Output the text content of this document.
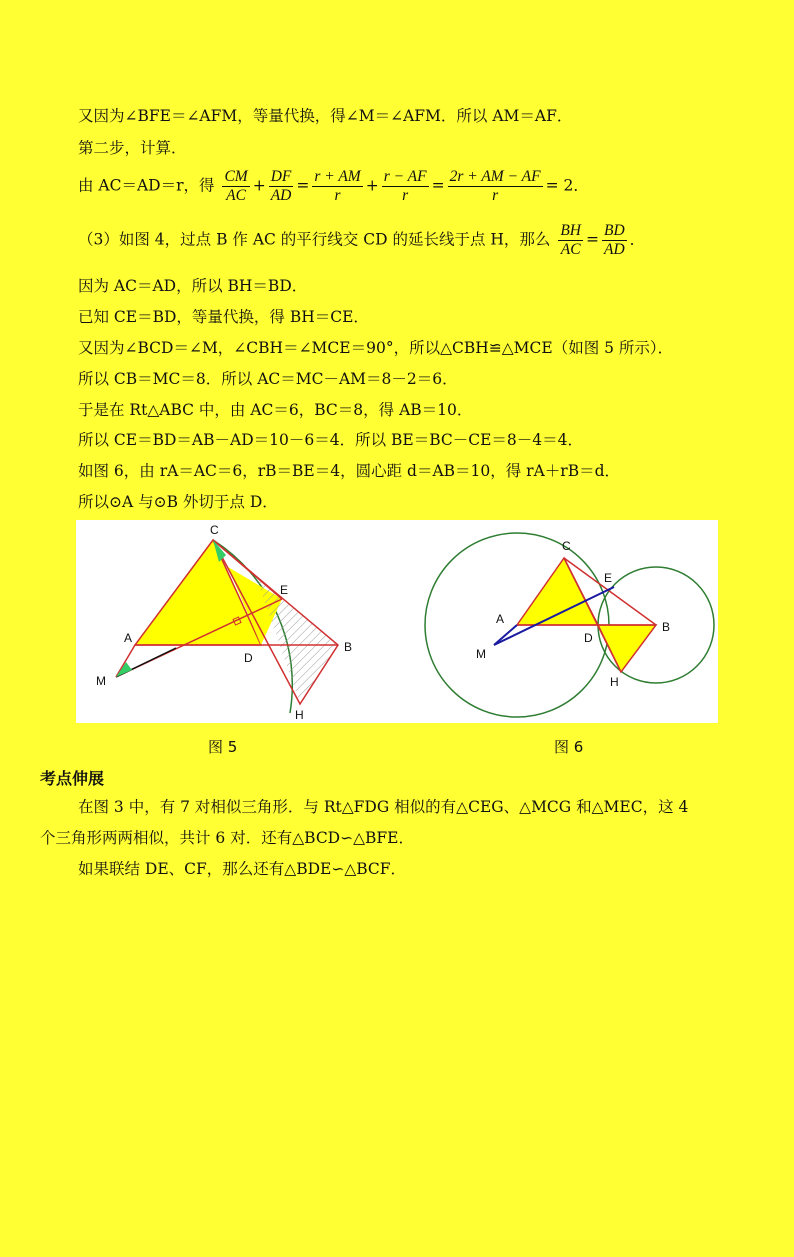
又因为∠BFE＝∠AFM，等量代换，得∠M＝∠AFM．所以 AM＝AF．
第二步，计算．
由 AC＝AD＝r，得 $\frac{CM}{AC} + \frac{DF}{AD} = \frac{r + AM}{r} + \frac{r - AF}{r} = \frac{2r + AM - AF}{r} = 2$．
（3）如图 4，过点 B 作 AC 的平行线交 CD 的延长线于点 H，那么 $\frac{BH}{AC} = \frac{BD}{AD}$ ．
因为 AC＝AD，所以 BH＝BD．
已知 CE＝BD，等量代换，得 BH＝CE．
又因为∠BCD＝∠M，∠CBH＝∠MCE＝90°，所以△CBH≌△MCE（如图 5 所示）．
所以 CB＝MC＝8．所以 AC＝MC－AM＝8－2＝6．
于是在 Rt△ABC 中，由 AC＝6，BC＝8，得 AB＝10．
所以 CE＝BD＝AB－AD＝10－6＝4．所以 BE＝BC－CE＝8－4＝4．
如图 6，由 rA＝AC＝6，rB＝BE＝4，圆心距 d＝AB＝10，得 rA＋rB＝d．
所以⊙A 与⊙B 外切于点 D．
C
E
A
D
B
M
H
C
E
A
D
B
M
H
图 5	图 6
考点伸展
在图 3 中，有 7 对相似三角形．与 Rt△FDG 相似的有△CEG、△MCG 和△MEC，这 4
个三角形两两相似，共计 6 对．还有△BCD∽△BFE．
如果联结 DE、CF，那么还有△BDE∽△BCF．
